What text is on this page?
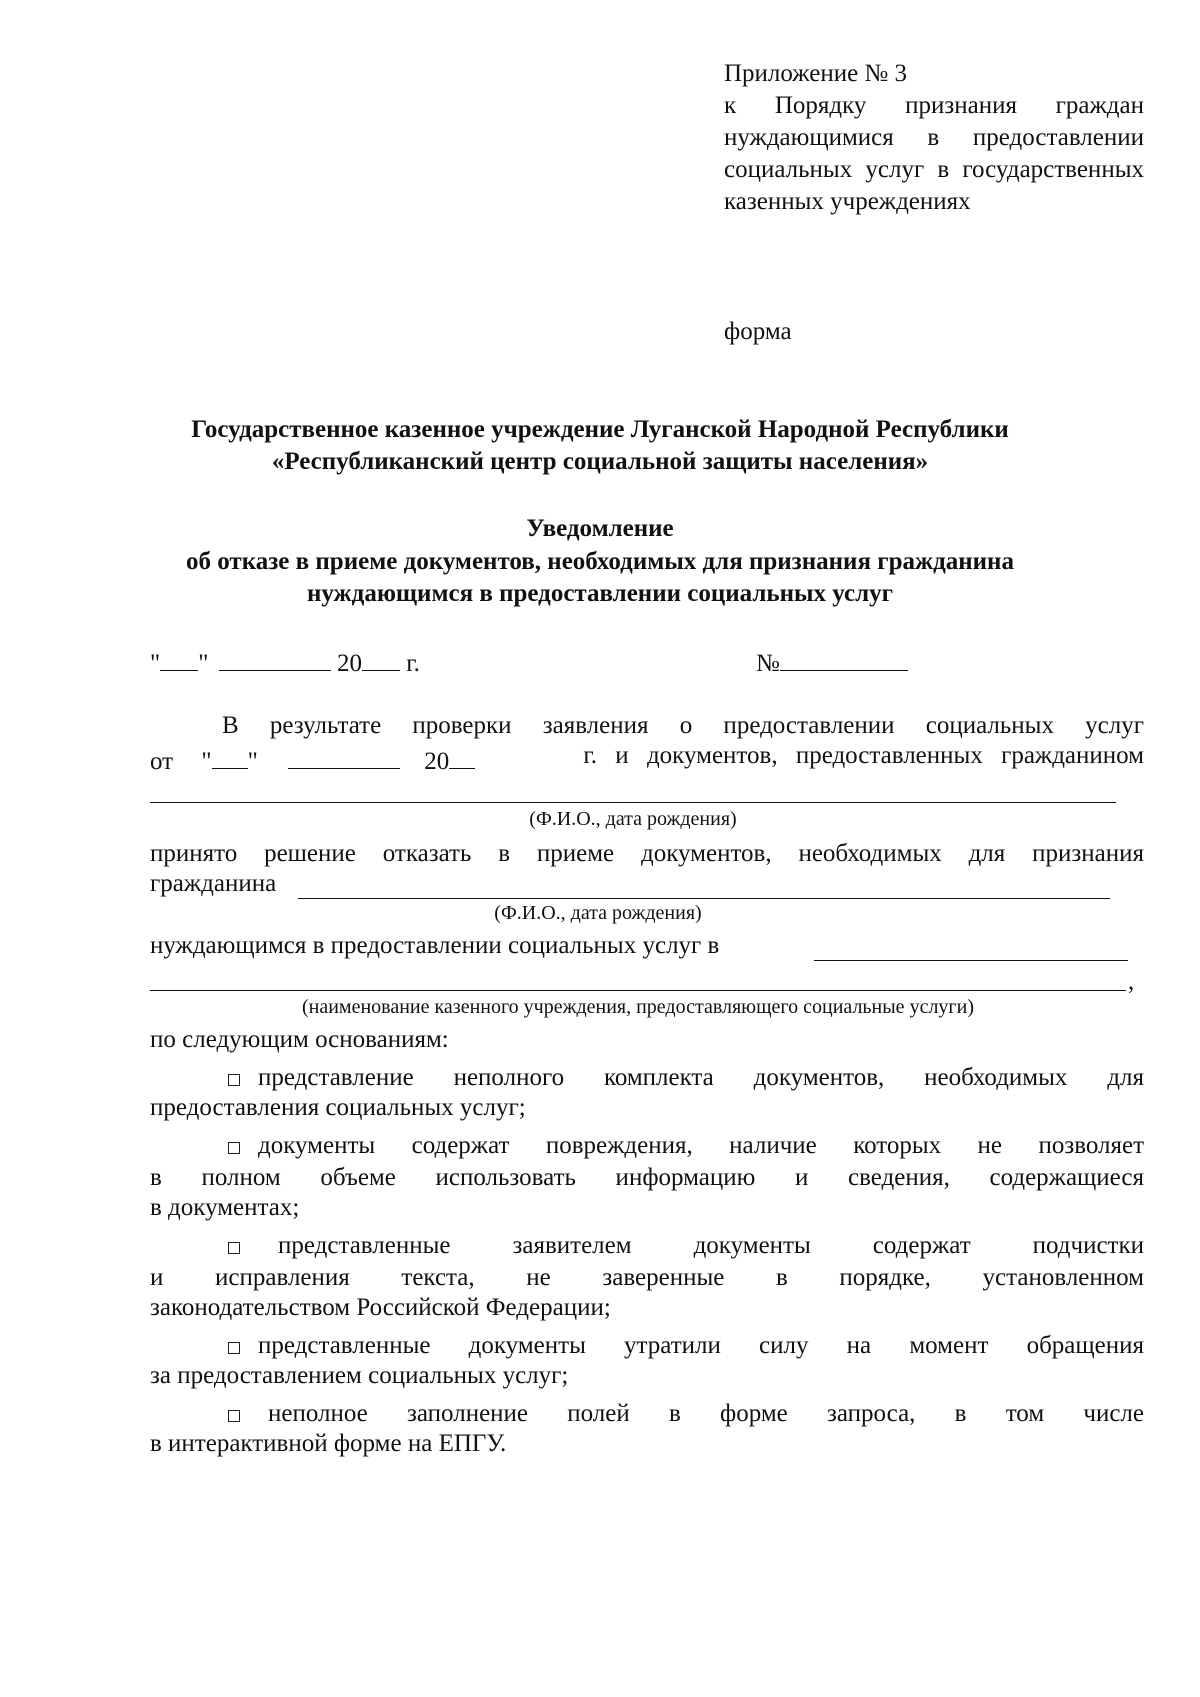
Приложение № 3
к Порядку признания граждан нуждающимися в предоставлении социальных услуг в государственных казенных учреждениях
форма
Государственное казенное учреждение Луганской Народной Республики
«Республиканский центр социальной защиты населения»
Уведомление
об отказе в приеме документов, необходимых для признания гражданина
нуждающимся в предоставлении социальных услуг
" "	20 г.	№
В результате проверки заявления о предоставлении социальных услуг
от " "	20	г. и документов, предоставленных гражданином
(Ф.И.О., дата рождения)
принято решение отказать в приеме документов, необходимых для признания
гражданина
(Ф.И.О., дата рождения)
нуждающимся в предоставлении социальных услуг в
,
(наименование казенного учреждения, предоставляющего социальные услуги)
по следующим основаниям:
представление неполного комплекта документов, необходимых для
предоставления социальных услуг;
документы содержат повреждения, наличие которых не позволяет
в полном объеме использовать информацию и сведения, содержащиеся
в документах;
представленные заявителем документы содержат подчистки
и исправления текста, не заверенные в порядке, установленном
законодательством Российской Федерации;
представленные документы утратили силу на момент обращения
за предоставлением социальных услуг;
неполное заполнение полей в форме запроса, в том числе
в интерактивной форме на ЕПГУ.
